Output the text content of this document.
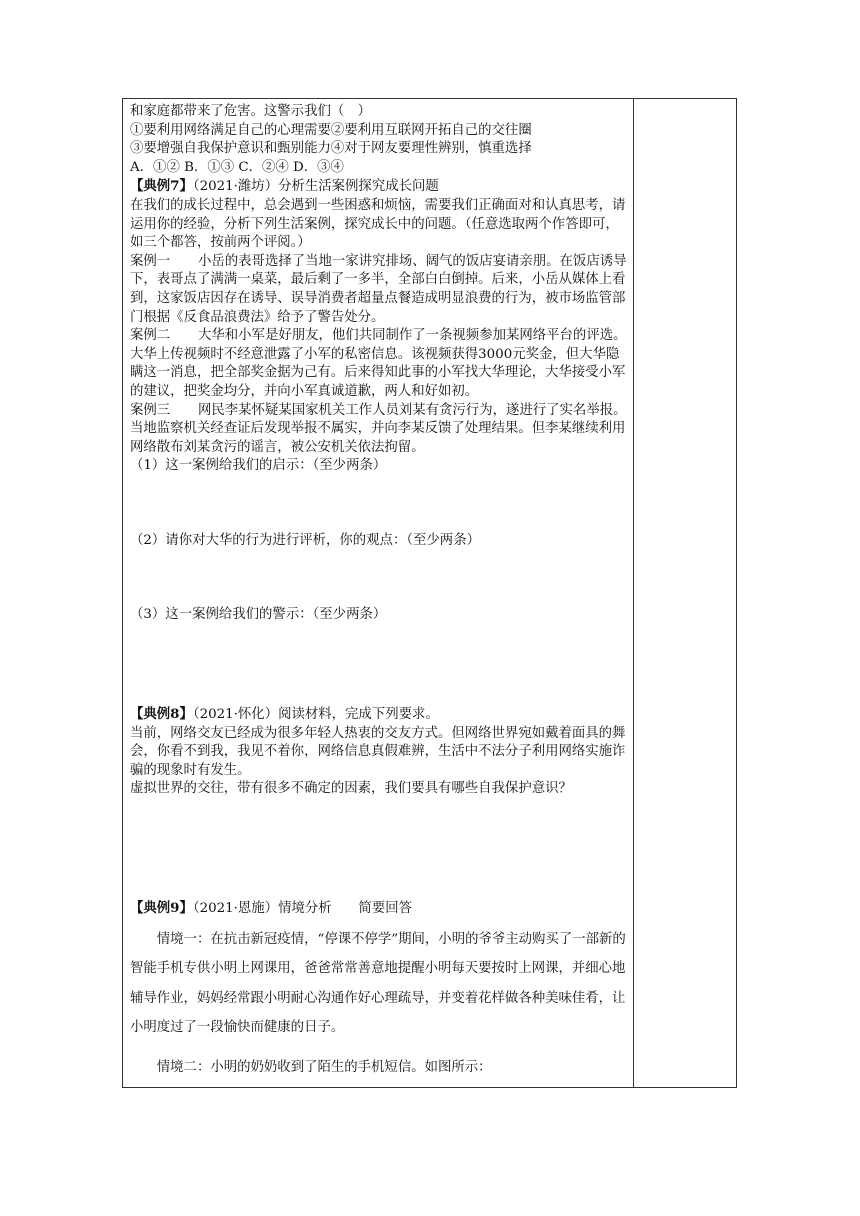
和家庭都带来了危害。这警示我们（　）

①要利用网络满足自己的心理需要②要利用互联网开拓自己的交往圈

③要增强自我保护意识和甄别能力④对于网友要理性辨别，慎重选择

A．①② B．①③ C．②④ D．③④

【典例7】（2021·潍坊）分析生活案例探究成长问题

在我们的成长过程中，总会遇到一些困惑和烦恼，需要我们正确面对和认真思考，请运用你的经验，分析下列生活案例，探究成长中的问题。（任意选取两个作答即可，如三个都答，按前两个评阅。）

案例一 小岳的表哥选择了当地一家讲究排场、阔气的饭店宴请亲朋。在饭店诱导下，表哥点了满满一桌菜，最后剩了一多半，全部白白倒掉。后来，小岳从媒体上看到，这家饭店因存在诱导、误导消费者超量点餐造成明显浪费的行为，被市场监管部门根据《反食品浪费法》给予了警告处分。

案例二 大华和小军是好朋友，他们共同制作了一条视频参加某网络平台的评选。大华上传视频时不经意泄露了小军的私密信息。该视频获得3000元奖金，但大华隐瞒这一消息，把全部奖金据为己有。后来得知此事的小军找大华理论，大华接受小军的建议，把奖金均分，并向小军真诚道歉，两人和好如初。

案例三 网民李某怀疑某国家机关工作人员刘某有贪污行为，遂进行了实名举报。当地监察机关经查证后发现举报不属实，并向李某反馈了处理结果。但李某继续利用网络散布刘某贪污的谣言，被公安机关依法拘留。

（1）这一案例给我们的启示：（至少两条）

（2）请你对大华的行为进行评析，你的观点：（至少两条）

（3）这一案例给我们的警示：（至少两条）

【典例8】（2021·怀化）阅读材料，完成下列要求。

当前，网络交友已经成为很多年轻人热衷的交友方式。但网络世界宛如戴着面具的舞会，你看不到我，我见不着你，网络信息真假难辨，生活中不法分子利用网络实施诈骗的现象时有发生。

虚拟世界的交往，带有很多不确定的因素，我们要具有哪些自我保护意识？

【典例9】（2021·恩施）情境分析　　简要回答

情境一：在抗击新冠疫情，“停课不停学”期间，小明的爷爷主动购买了一部新的智能手机专供小明上网课用，爸爸常常善意地提醒小明每天要按时上网课，并细心地辅导作业，妈妈经常跟小明耐心沟通作好心理疏导，并变着花样做各种美味佳肴，让小明度过了一段愉快而健康的日子。

情境二：小明的奶奶收到了陌生的手机短信。如图所示：
